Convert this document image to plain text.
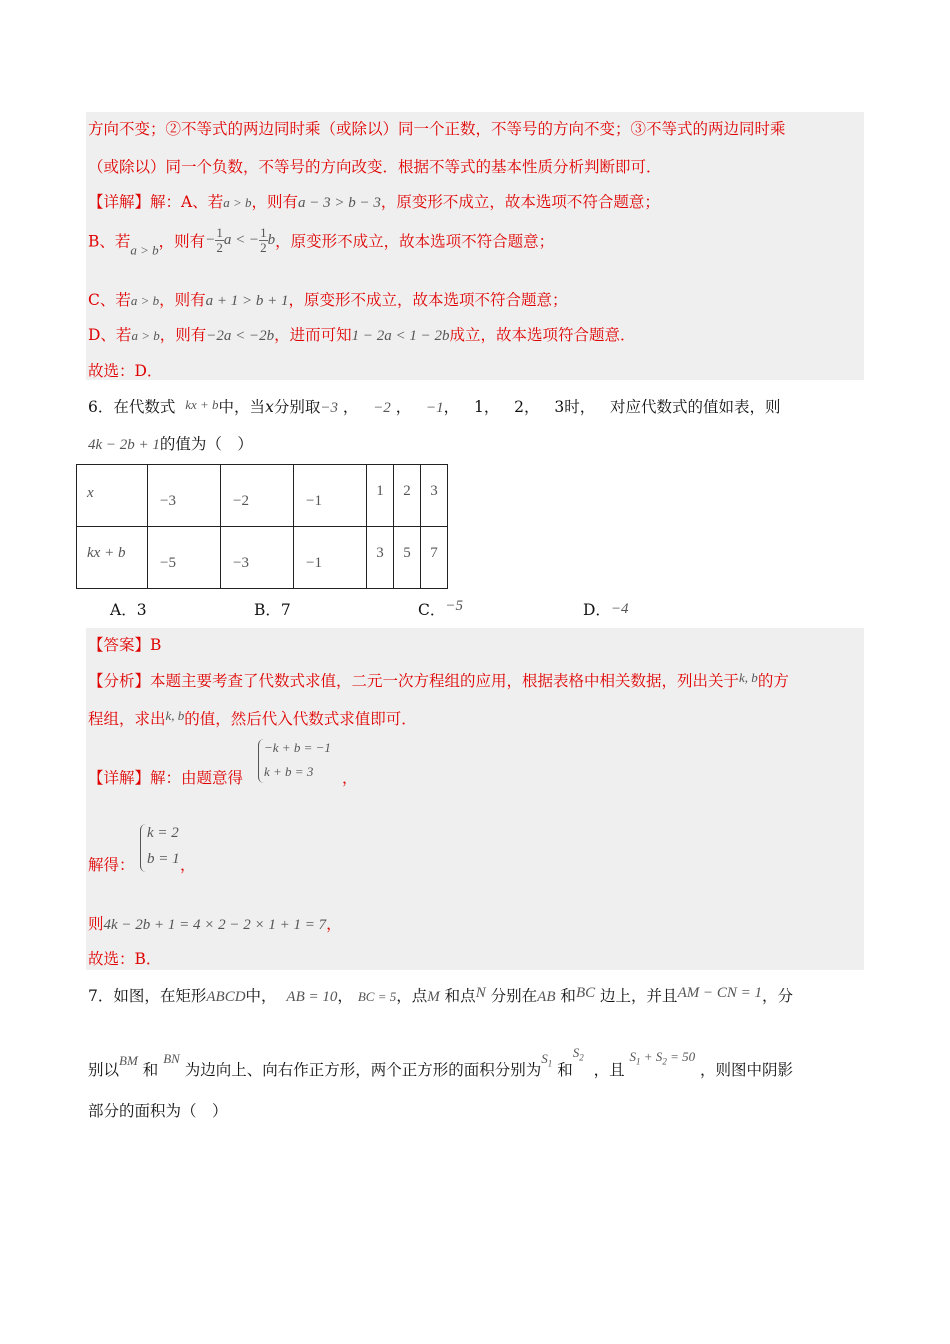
方向不变；②不等式的两边同时乘（或除以）同一个正数，不等号的方向不变；③不等式的两边同时乘
（或除以）同一个负数，不等号的方向改变．根据不等式的基本性质分析判断即可．
【详解】解：A、若a > b，则有a − 3 > b − 3，原变形不成立，故本选项不符合题意；
B、若$_{a > b}$，则有− $\frac{1}{2}$ a < − $\frac{1}{2}$ b，原变形不成立，故本选项不符合题意；
C、若a > b，则有a + 1 > b + 1，原变形不成立，故本选项不符合题意；
D、若a > b，则有−2a < −2b，进而可知1 − 2a < 1 − 2b成立，故本选项符合题意．
故选：D．
6．在代数式 kx + b中，当x分别取−3 ， −2 ， −1， 1， 2， 3时， 对应代数式的值如表，则
4k − 2b + 1的值为（　）
x	−3	−2	−1	1	2	3
kx + b	−5	−3	−1	3	5	7
A．3	B．7	C．−5	D．−4
【答案】B
【分析】本题主要考查了代数式求值，二元一次方程组的应用，根据表格中相关数据，列出关于$^{k, b}$的方
程组，求出$^{k, b}$的值，然后代入代数式求值即可．
【详解】解：由题意得
−k + b = −1
k + b = 3 ，
解得：
k = 2
b = 1 ，
则4k − 2b + 1 = 4 × 2 − 2 × 1 + 1 = 7，
故选：B．
7．如图，在矩形ABCD中， AB = 10， BC = 5，点M 和点N 分别在AB 和BC 边上，并且AM − CN = 1，分
别以$^{BM}$ 和 $^{BN}$ 为边向上、向右作正方形，两个正方形的面积分别为$^{S_1}$ 和$^{S_2}$  ，且 $^{S_1 + S_2 = 50}$ ，则图中阴影
部分的面积为（　）
